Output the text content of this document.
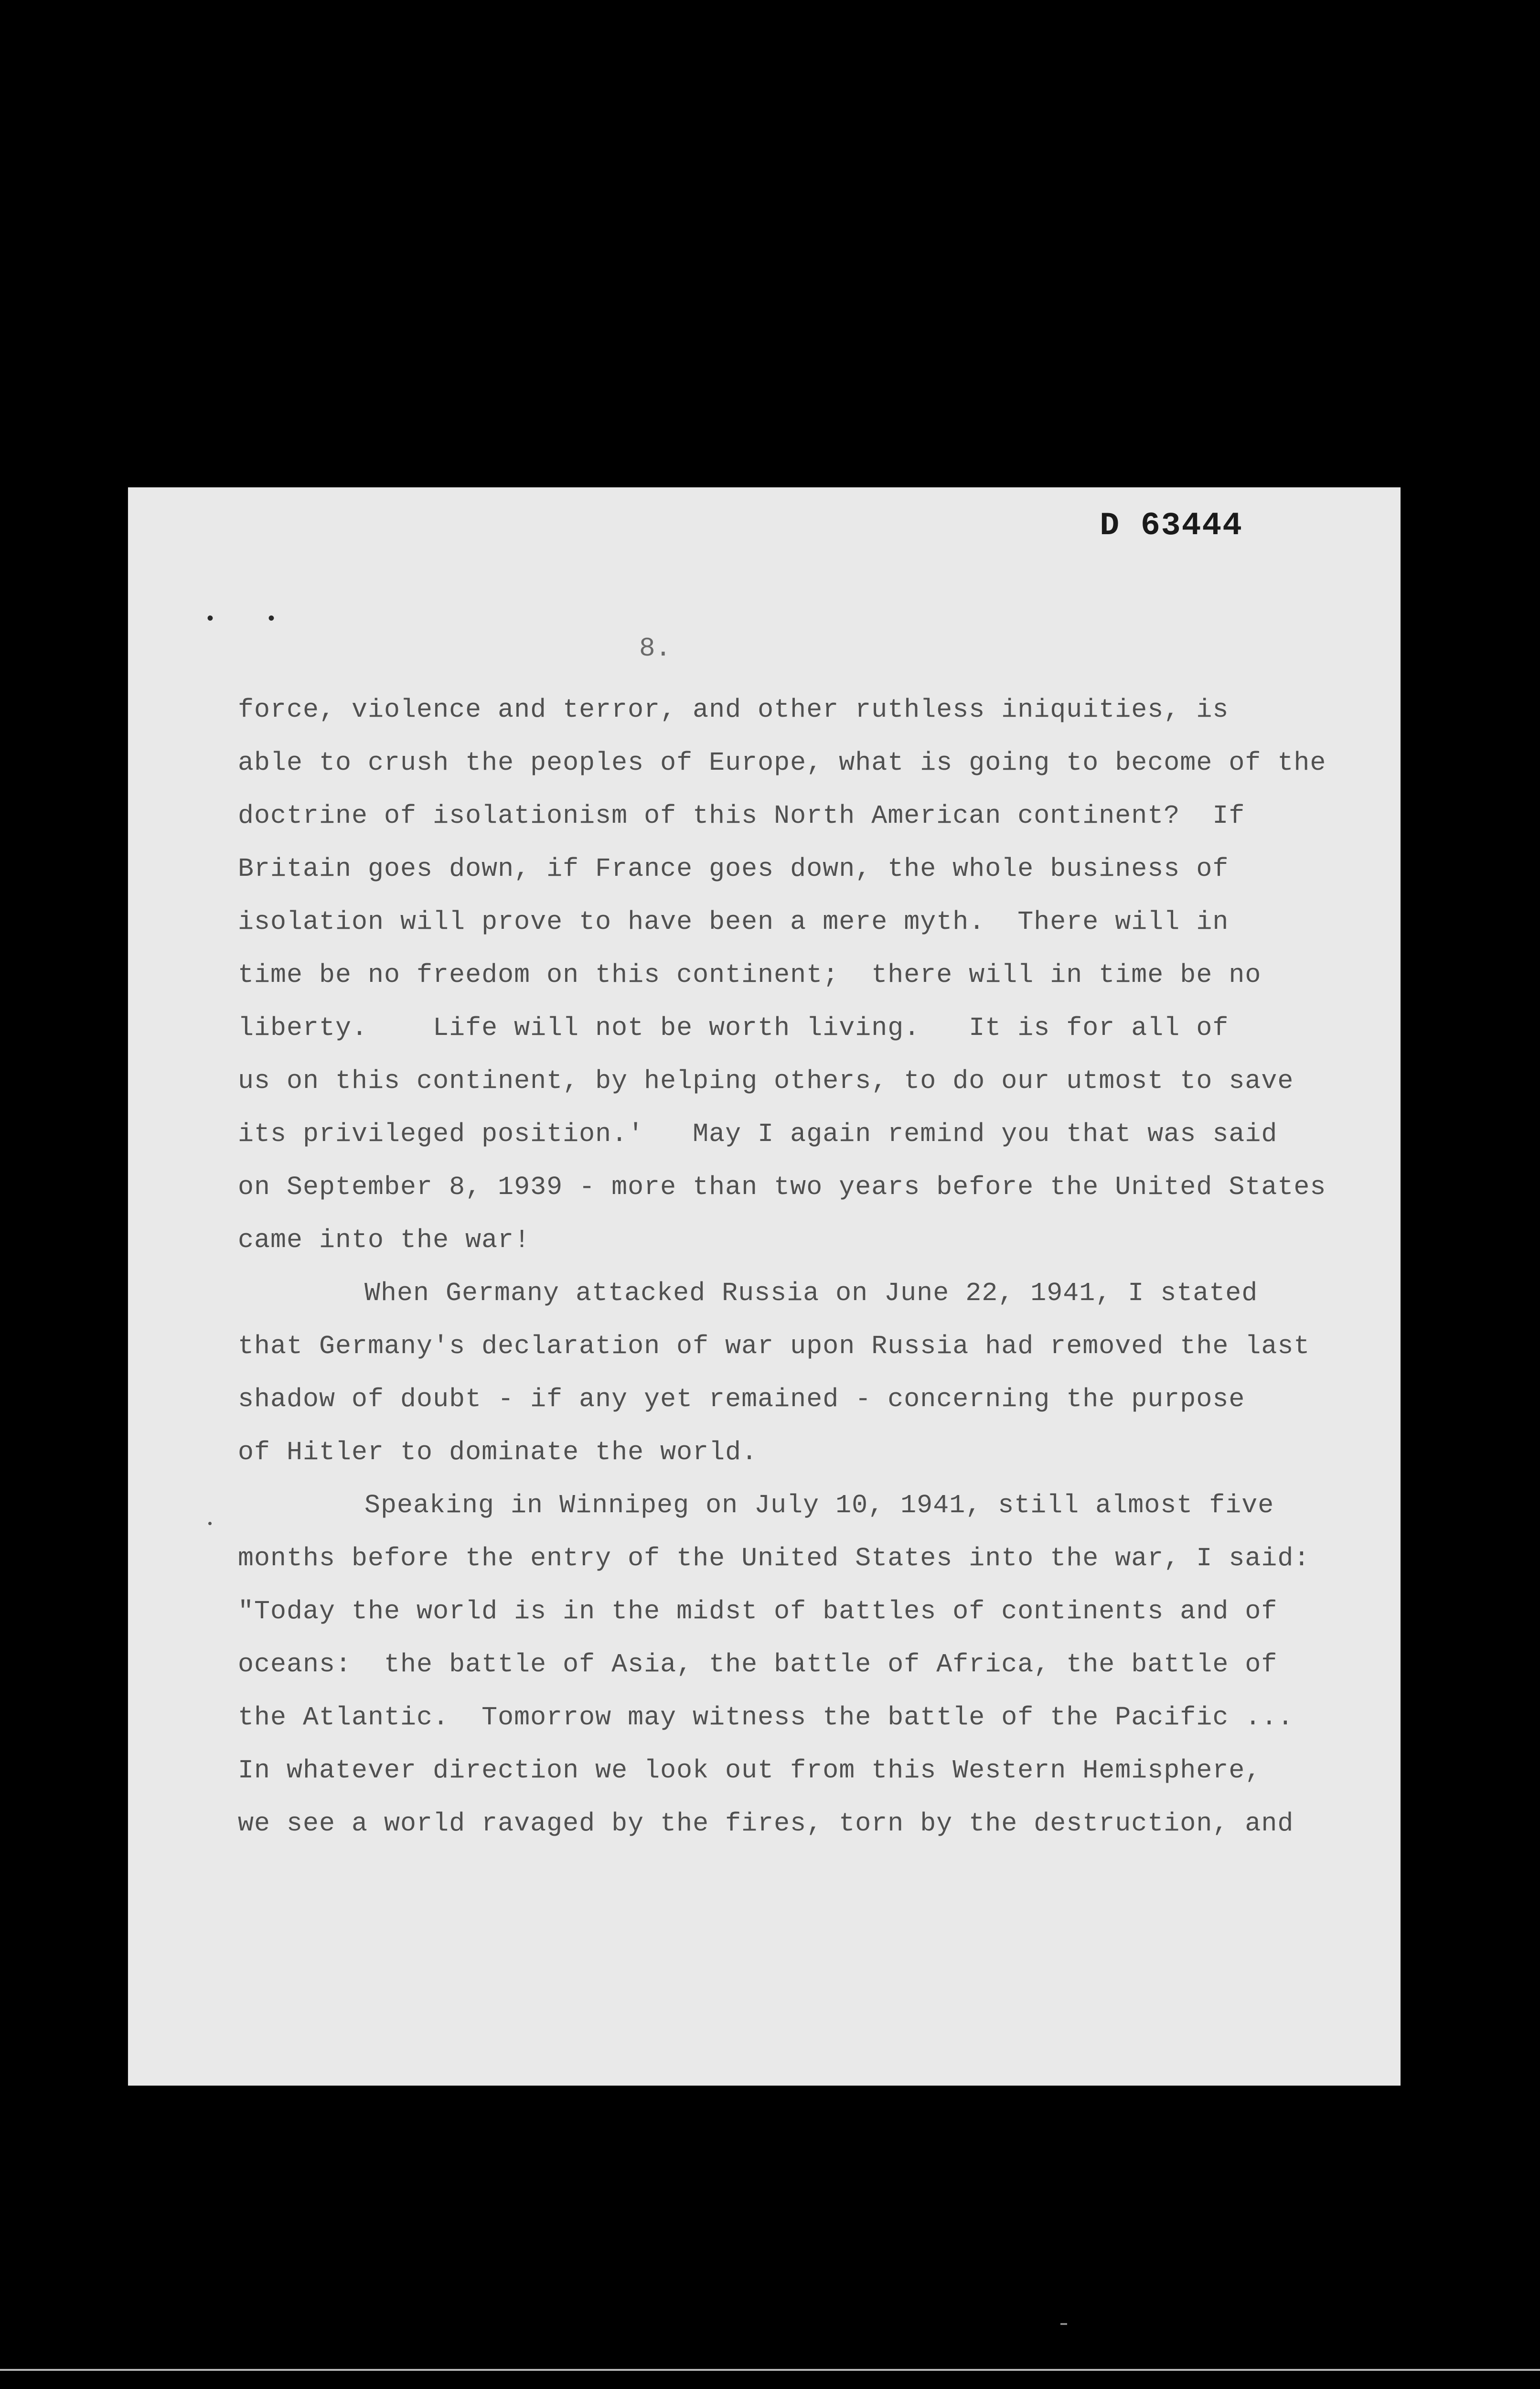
D 63444
• •
8.
force, violence and terror, and other ruthless iniquities, is
able to crush the peoples of Europe, what is going to become of the
doctrine of isolationism of this North American continent?  If
Britain goes down, if France goes down, the whole business of
isolation will prove to have been a mere myth.  There will in
time be no freedom on this continent;  there will in time be no
liberty.    Life will not be worth living.   It is for all of
us on this continent, by helping others, to do our utmost to save
its privileged position.'   May I again remind you that was said
on September 8, 1939 - more than two years before the United States
came into the war!
When Germany attacked Russia on June 22, 1941, I stated
that Germany's declaration of war upon Russia had removed the last
shadow of doubt - if any yet remained - concerning the purpose
of Hitler to dominate the world.
Speaking in Winnipeg on July 10, 1941, still almost five
months before the entry of the United States into the war, I said:
"Today the world is in the midst of battles of continents and of
oceans:  the battle of Asia, the battle of Africa, the battle of
the Atlantic.  Tomorrow may witness the battle of the Pacific ...
In whatever direction we look out from this Western Hemisphere,
we see a world ravaged by the fires, torn by the destruction, and
